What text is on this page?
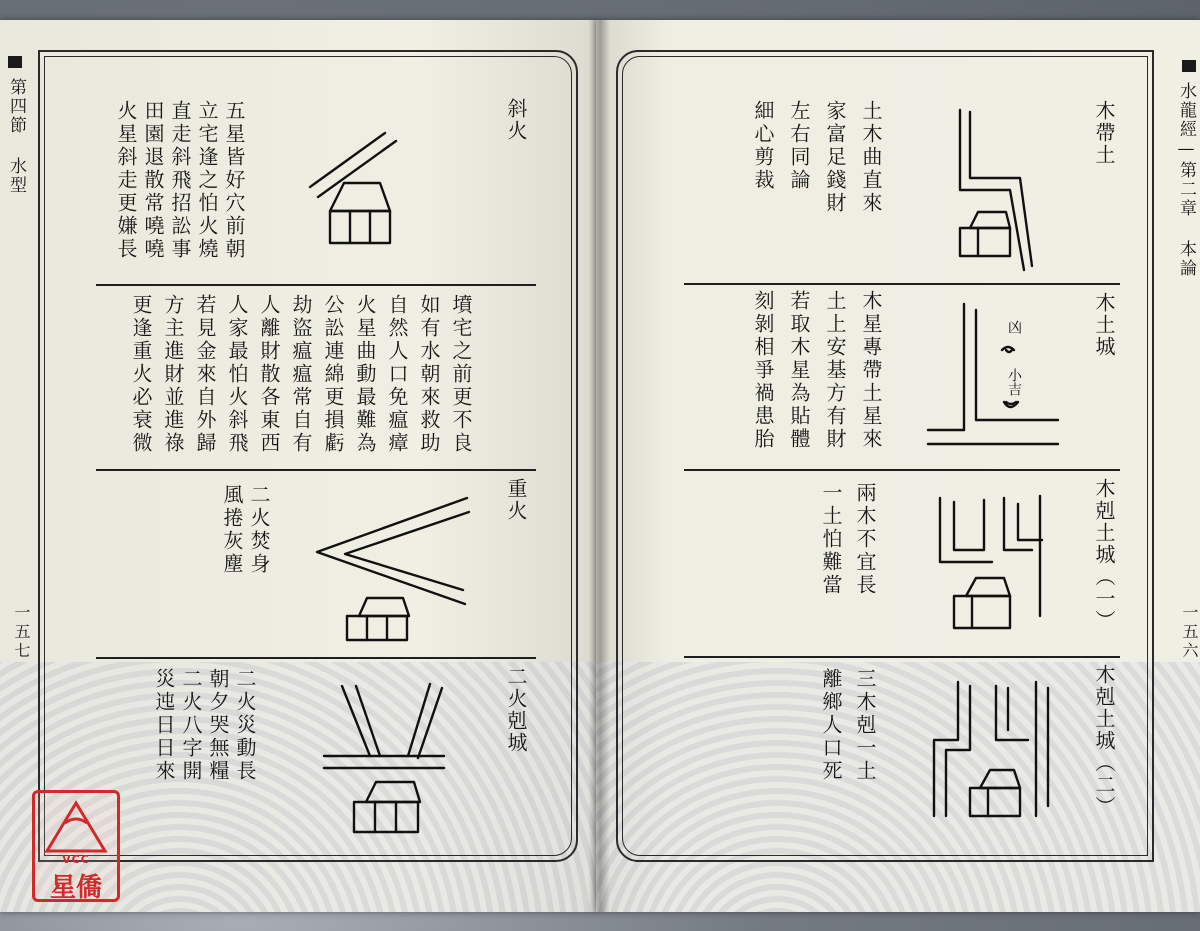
第四節 水型
一五七
水龍經—第二章 本論
一五六
斜火
五星皆好穴前朝
立宅逢之怕火燒
直走斜飛招訟事
田園退散常嘵嘵
火星斜走更嫌長
墳宅之前更不良
如有水朝來救助
自然人口免瘟瘴
火星曲動最難為
公訟連綿更損虧
劫盜瘟瘟常自有
人離財散各東西
人家最怕火斜飛
若見金來自外歸
方主進財並進祿
更逢重火必衰微
重火
二火焚身
風捲灰塵
二火剋城
二火災動長
朝夕哭無糧
二火八字開
災迍日日來
木帶土
土木曲直來
家富足錢財
左右同論
細心剪裁
木土城
凶
小吉
木星專帶土星來
土上安基方有財
若取木星為貼體
刻剝相爭禍患胎
木剋土城（一）
兩木不宜長
一土怕難當
木剋土城（二）
三木剋一土
離鄉人口死
VCC
星僑
